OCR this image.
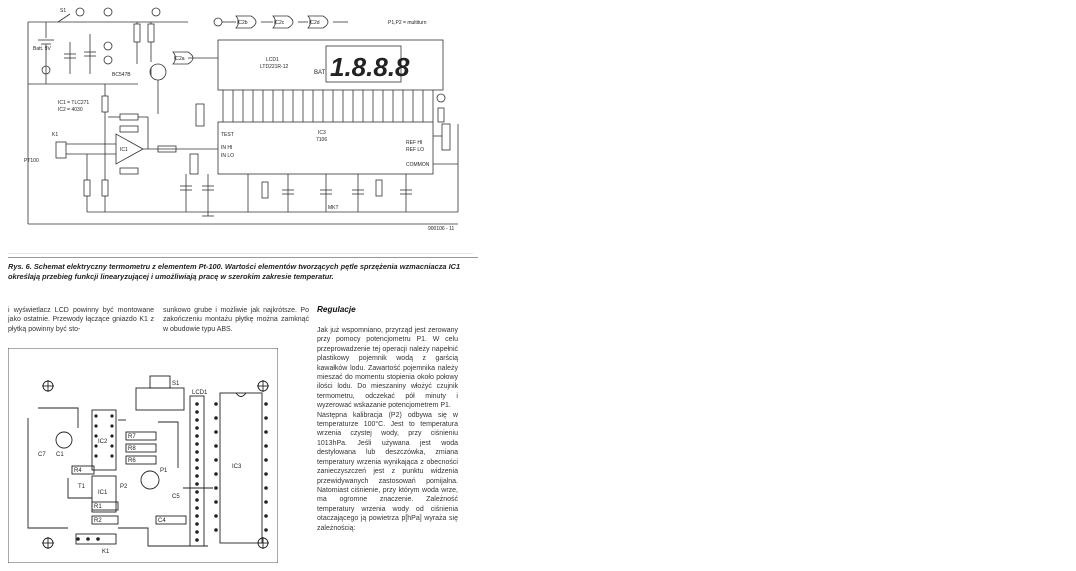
1.8.8.8
BAT
Batt. 9V
S1
IC1 = TLC271
IC2 = 4030
K1
PT100
BC547B
LCD1
LTD221R-12
IC3
7106
P1,P2 = multiturn
IC2a
IC2b	IC2c	IC2d
IC1
COMMON
REF HI
REF LO
IN HI
IN LO
TEST
MKT
900106 - 11
Rys. 6. Schemat elektryczny termometru z elementem Pt-100. Wartości elementów tworzących pętle sprzężenia wzmacniacza IC1 określają przebieg funkcji linearyzującej i umożliwiają pracę w szerokim zakresie temperatur.
i wyświetlacz LCD powinny być montowane jako ostatnie. Przewody łączące gniazdo K1 z płytką powinny być sto-
sunkowo grube i możliwie jak najkrótsze. Po zakończeniu montażu płytkę można zamknąć w obudowie typu ABS.
Regulacje

Jak już wspomniano, przyrząd jest zerowany przy pomocy potencjometru P1. W celu przeprowadzenie tej operacji należy napełnić plastikowy pojemnik wodą z garścią kawałków lodu. Zawartość pojemnika należy mieszać do momentu stopienia około połowy ilości lodu. Do mieszaniny włożyć czujnik termometru, odczekać pół minuty i wyzerować wskazanie potencjometrem P1.

Następna kalibracja (P2) odbywa się w temperaturze 100°C. Jest to temperatura wrzenia czystej wody, przy ciśnieniu 1013hPa. Jeśli używana jest woda destylowana lub deszczówka, zmiana temperatury wrzenia wynikająca z obecności zanieczyszczeń jest z punktu widzenia przewidywanych zastosowań pomijalna. Natomiast ciśnienie, przy którym woda wrze, ma ogromne znaczenie. Zależność temperatury wrzenia wody od ciśnienia otaczającego ją powietrza p[hPa] wyraża się zależnością:

IC3
IC2
IC1
LCD1
S1
K1
R7
R8
R6
R4
R1
R2
C1
C4
C5
C7
P1
P2
T1
